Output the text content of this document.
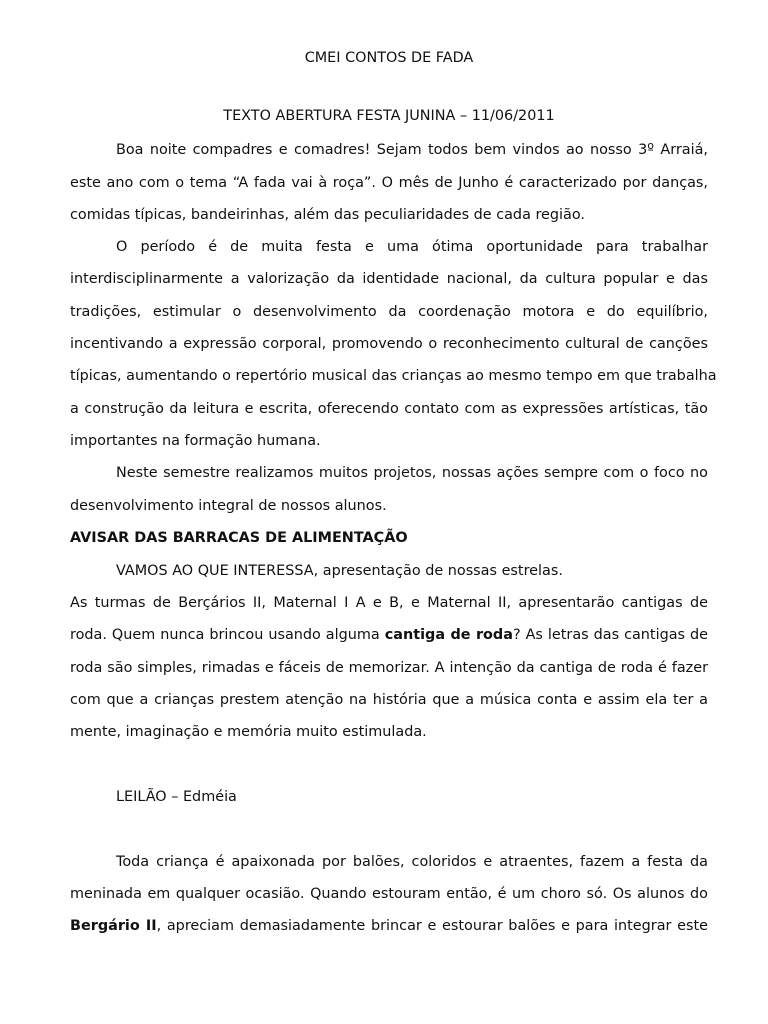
CMEI CONTOS DE FADA
TEXTO ABERTURA FESTA JUNINA – 11/06/2011
Boa noite compadres e comadres! Sejam todos bem vindos ao nosso 3º Arraiá,
este ano com o tema “A fada vai à roça”. O mês de Junho é caracterizado por danças,
comidas típicas, bandeirinhas, além das peculiaridades de cada região.
O período é de muita festa e uma ótima oportunidade para trabalhar
interdisciplinarmente a valorização da identidade nacional, da cultura popular e das
tradições, estimular o desenvolvimento da coordenação motora e do equilíbrio,
incentivando a expressão corporal, promovendo o reconhecimento cultural de canções
típicas, aumentando o repertório musical das crianças ao mesmo tempo em que trabalha
a construção da leitura e escrita, oferecendo contato com as expressões artísticas, tão
importantes na formação humana.
Neste semestre realizamos muitos projetos, nossas ações sempre com o foco no
desenvolvimento integral de nossos alunos.
AVISAR DAS BARRACAS DE ALIMENTAÇÃO
VAMOS AO QUE INTERESSA, apresentação de nossas estrelas.
As turmas de Berçários II, Maternal I A e B, e Maternal II, apresentarão cantigas de
roda. Quem nunca brincou usando alguma cantiga de roda? As letras das cantigas de
roda são simples, rimadas e fáceis de memorizar. A intenção da cantiga de roda é fazer
com que a crianças prestem atenção na história que a música conta e assim ela ter a
mente, imaginação e memória muito estimulada.
LEILÃO – Edméia
Toda criança é apaixonada por balões, coloridos e atraentes, fazem a festa da
meninada em qualquer ocasião. Quando estouram então, é um choro só. Os alunos do
Bergário II, apreciam demasiadamente brincar e estourar balões e para integrar este
